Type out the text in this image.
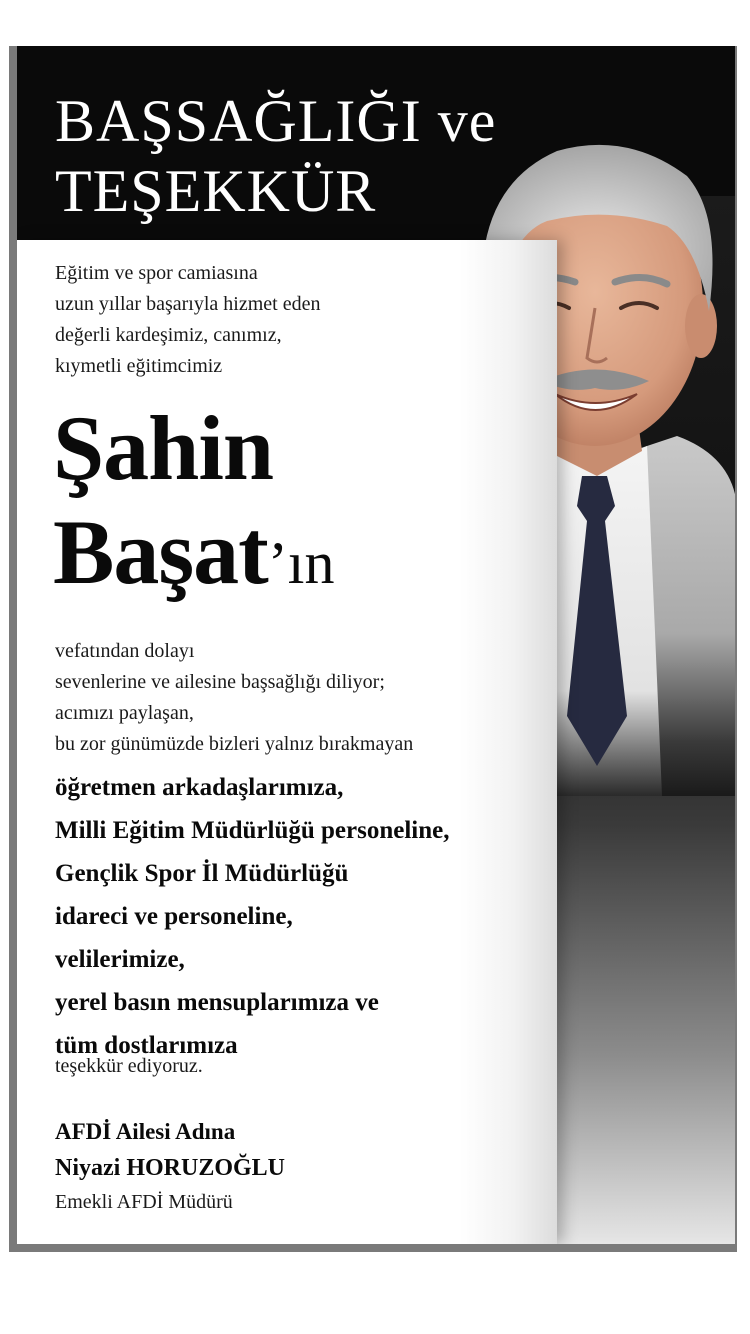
BAŞSAĞLIĞI ve
TEŞEKKÜR
Eğitim ve spor camiasına
uzun yıllar başarıyla hizmet eden
değerli kardeşimiz, canımız,
kıymetli eğitimcimiz
Şahin
Başat’ın
vefatından dolayı
sevenlerine ve ailesine başsağlığı diliyor;
acımızı paylaşan,
bu zor günümüzde bizleri yalnız bırakmayan
öğretmen arkadaşlarımıza,
Milli Eğitim Müdürlüğü personeline,
Gençlik Spor İl Müdürlüğü
idareci ve personeline,
velilerimize,
yerel basın mensuplarımıza ve
tüm dostlarımıza
teşekkür ediyoruz.
AFDİ Ailesi Adına
Niyazi HORUZOĞLU
Emekli AFDİ Müdürü
